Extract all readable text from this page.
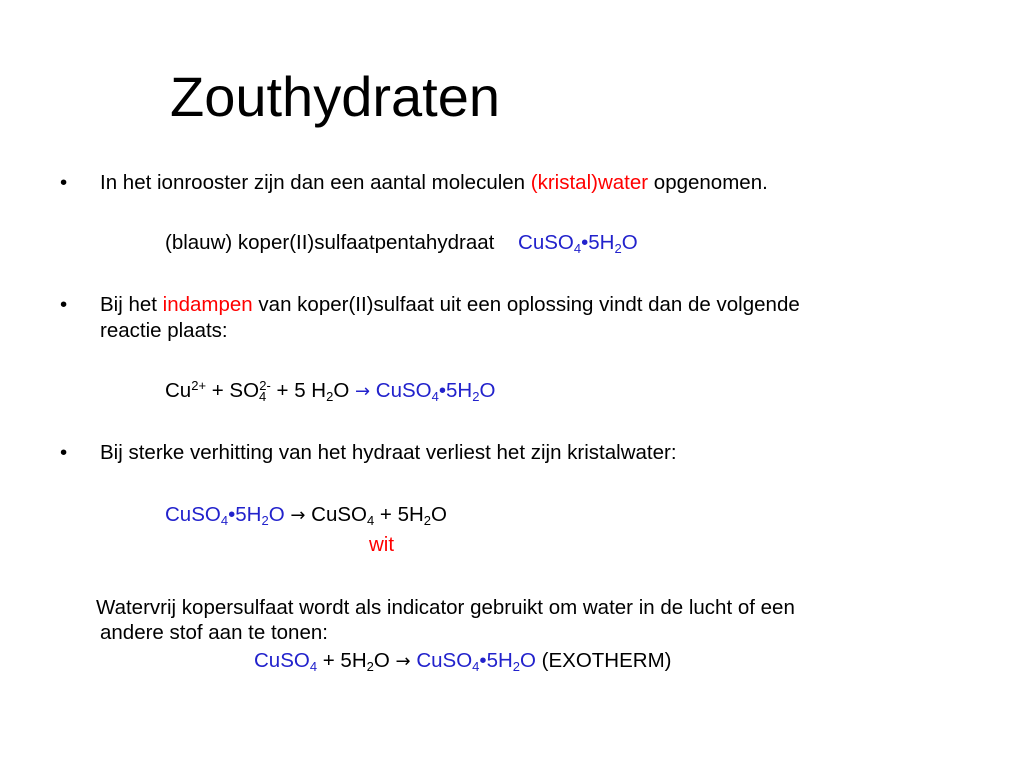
Zouthydraten
• In het ionrooster zijn dan een aantal moleculen (kristal)water opgenomen.
(blauw) koper(II)sulfaatpentahydraat $CuSO_4•5H_2O$
• Bij het indampen van koper(II)sulfaat uit een oplossing vindt dan de volgende
reactie plaats:
$Cu^{2+} + SO_4^{2-} + 5$ $H_2O$ → $CuSO_4•5H_2O$
• Bij sterke verhitting van het hydraat verliest het zijn kristalwater:
$CuSO_4•5H_2O$ → CuSO$_4$ + $5H_2O$
wit
Watervrij kopersulfaat wordt als indicator gebruikt om water in de lucht of een
andere stof aan te tonen:
CuSO$_4$ + $5H_2O$ → $CuSO_4•5H_2O$ (EXOTHERM)
